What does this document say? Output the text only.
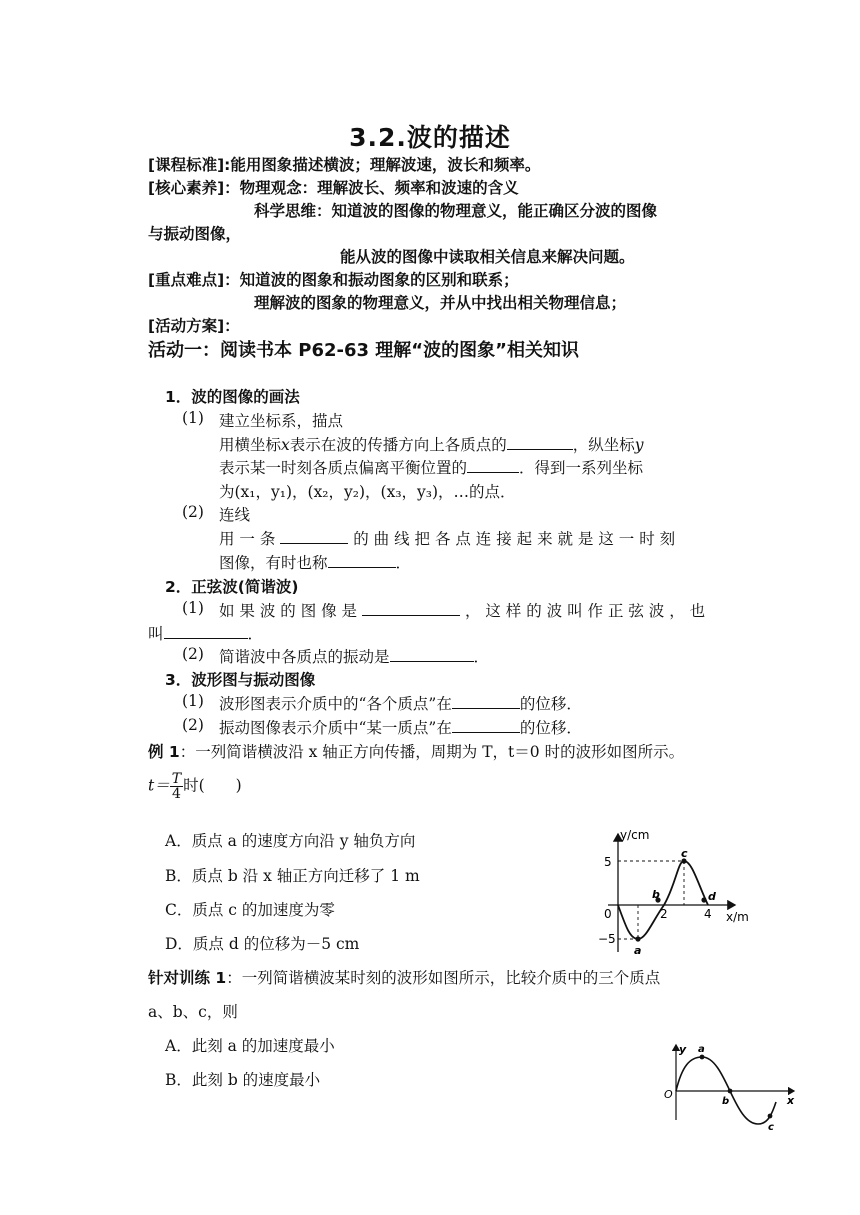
3.2.波的描述
[课程标准]:能用图象描述横波；理解波速，波长和频率。
[核心素养]：物理观念：理解波长、频率和波速的含义
科学思维：知道波的图像的物理意义，能正确区分波的图像
与振动图像，
能从波的图像中读取相关信息来解决问题。
[重点难点]：知道波的图象和振动图象的区别和联系；
理解波的图象的物理意义，并从中找出相关物理信息；
[活动方案]：
活动一：阅读书本 P62-63 理解“波的图象”相关知识
1．波的图像的画法
(1) 建立坐标系，描点
用横坐标x表示在波的传播方向上各质点的	，纵坐标y
表示某一时刻各质点偏离平衡位置的	．得到一系列坐标
为(x₁，y₁)，(x₂，y₂)，(x₃，y₃)，…的点．
(2) 连线
用 一 条	的 曲 线 把 各 点 连 接 起 来 就 是 这 一 时 刻
图像，有时也称	．
2．正弦波(简谐波)
(1) 如 果 波 的 图 像 是	， 这 样 的 波 叫 作 正 弦 波 ， 也
叫	．
(2) 简谐波中各质点的振动是	．
3．波形图与振动图像
(1) 波形图表示介质中的“各个质点”在	的位移．
(2) 振动图像表示介质中“某一质点”在	的位移．
例 1：一列简谐横波沿 x 轴正方向传播，周期为 T，t＝0 时的波形如图所示。
$t= \frac{T}{4}$ 时(　　)
A．质点 a 的速度方向沿 y 轴负方向
B．质点 b 沿 x 轴正方向迁移了 1 m
C．质点 c 的加速度为零
D．质点 d 的位移为－5 cm
y/cm
x/m
5
−5
0	2	4
a
b
c
d
针对训练 1：一列简谐横波某时刻的波形如图所示，比较介质中的三个质点
a、b、c，则
A．此刻 a 的加速度最小
B．此刻 b 的速度最小
y
x
O
a
b
c
